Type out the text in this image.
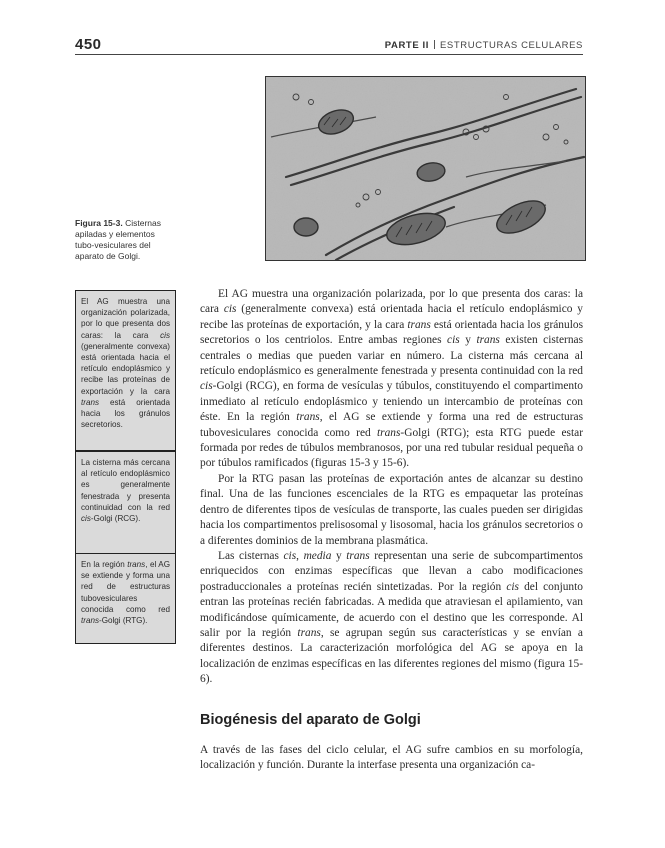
450	PARTE II ESTRUCTURAS CELULARES
Figura 15-3. Cisternas apiladas y elementos tubo-vesiculares del aparato de Golgi.
El AG muestra una organización polarizada, por lo que presenta dos caras: la cara cis (generalmente convexa) está orientada hacia el retículo endoplásmico y recibe las proteínas de exportación y la cara trans está orientada hacia los gránulos secretorios.
La cisterna más cercana al retículo endoplásmico es generalmente fenestrada y presenta continuidad con la red cis-Golgi (RCG).
En la región trans, el AG se extiende y forma una red de estructuras tubovesiculares conocida como red trans-Golgi (RTG).

El AG muestra una organización polarizada, por lo que presenta dos caras: la cara cis (generalmente convexa) está orientada hacia el retículo endoplásmico y recibe las proteínas de exportación, y la cara trans está orientada hacia los gránulos secretorios o los centriolos. Entre ambas regiones cis y trans existen cisternas centrales o medias que pueden variar en número. La cisterna más cercana al retículo endoplásmico es generalmente fenestrada y presenta continuidad con la red cis-Golgi (RCG), en forma de vesículas y túbulos, constituyendo el compartimento inmediato al retículo endoplásmico y teniendo un intercambio de proteínas con éste. En la región trans, el AG se extiende y forma una red de estructuras tubovesiculares conocida como red trans-Golgi (RTG); esta RTG puede estar formada por redes de túbulos membranosos, por una red tubular residual pequeña o por túbulos ramificados (figuras 15-3 y 15-6).

Por la RTG pasan las proteínas de exportación antes de alcanzar su destino final. Una de las funciones escenciales de la RTG es empaquetar las proteínas dentro de diferentes tipos de vesículas de transporte, las cuales pueden ser dirigidas hacia los compartimentos prelisosomal y lisosomal, hacia los gránulos secretorios o a diferentes dominios de la membrana plasmática.

Las cisternas cis, media y trans representan una serie de subcompartimentos enriquecidos con enzimas específicas que llevan a cabo modificaciones postraduccionales a proteínas recién sintetizadas. Por la región cis del conjunto entran las proteínas recién fabricadas. A medida que atraviesan el apilamiento, van modificándose químicamente, de acuerdo con el destino que les corresponde. Al salir por la región trans, se agrupan según sus características y se envían a diferentes destinos. La caracterización morfológica del AG se apoya en la localización de enzimas específicas en las diferentes regiones del mismo (figura 15-6).

Biogénesis del aparato de Golgi
A través de las fases del ciclo celular, el AG sufre cambios en su morfología, localización y función. Durante la interfase presenta una organización ca-
